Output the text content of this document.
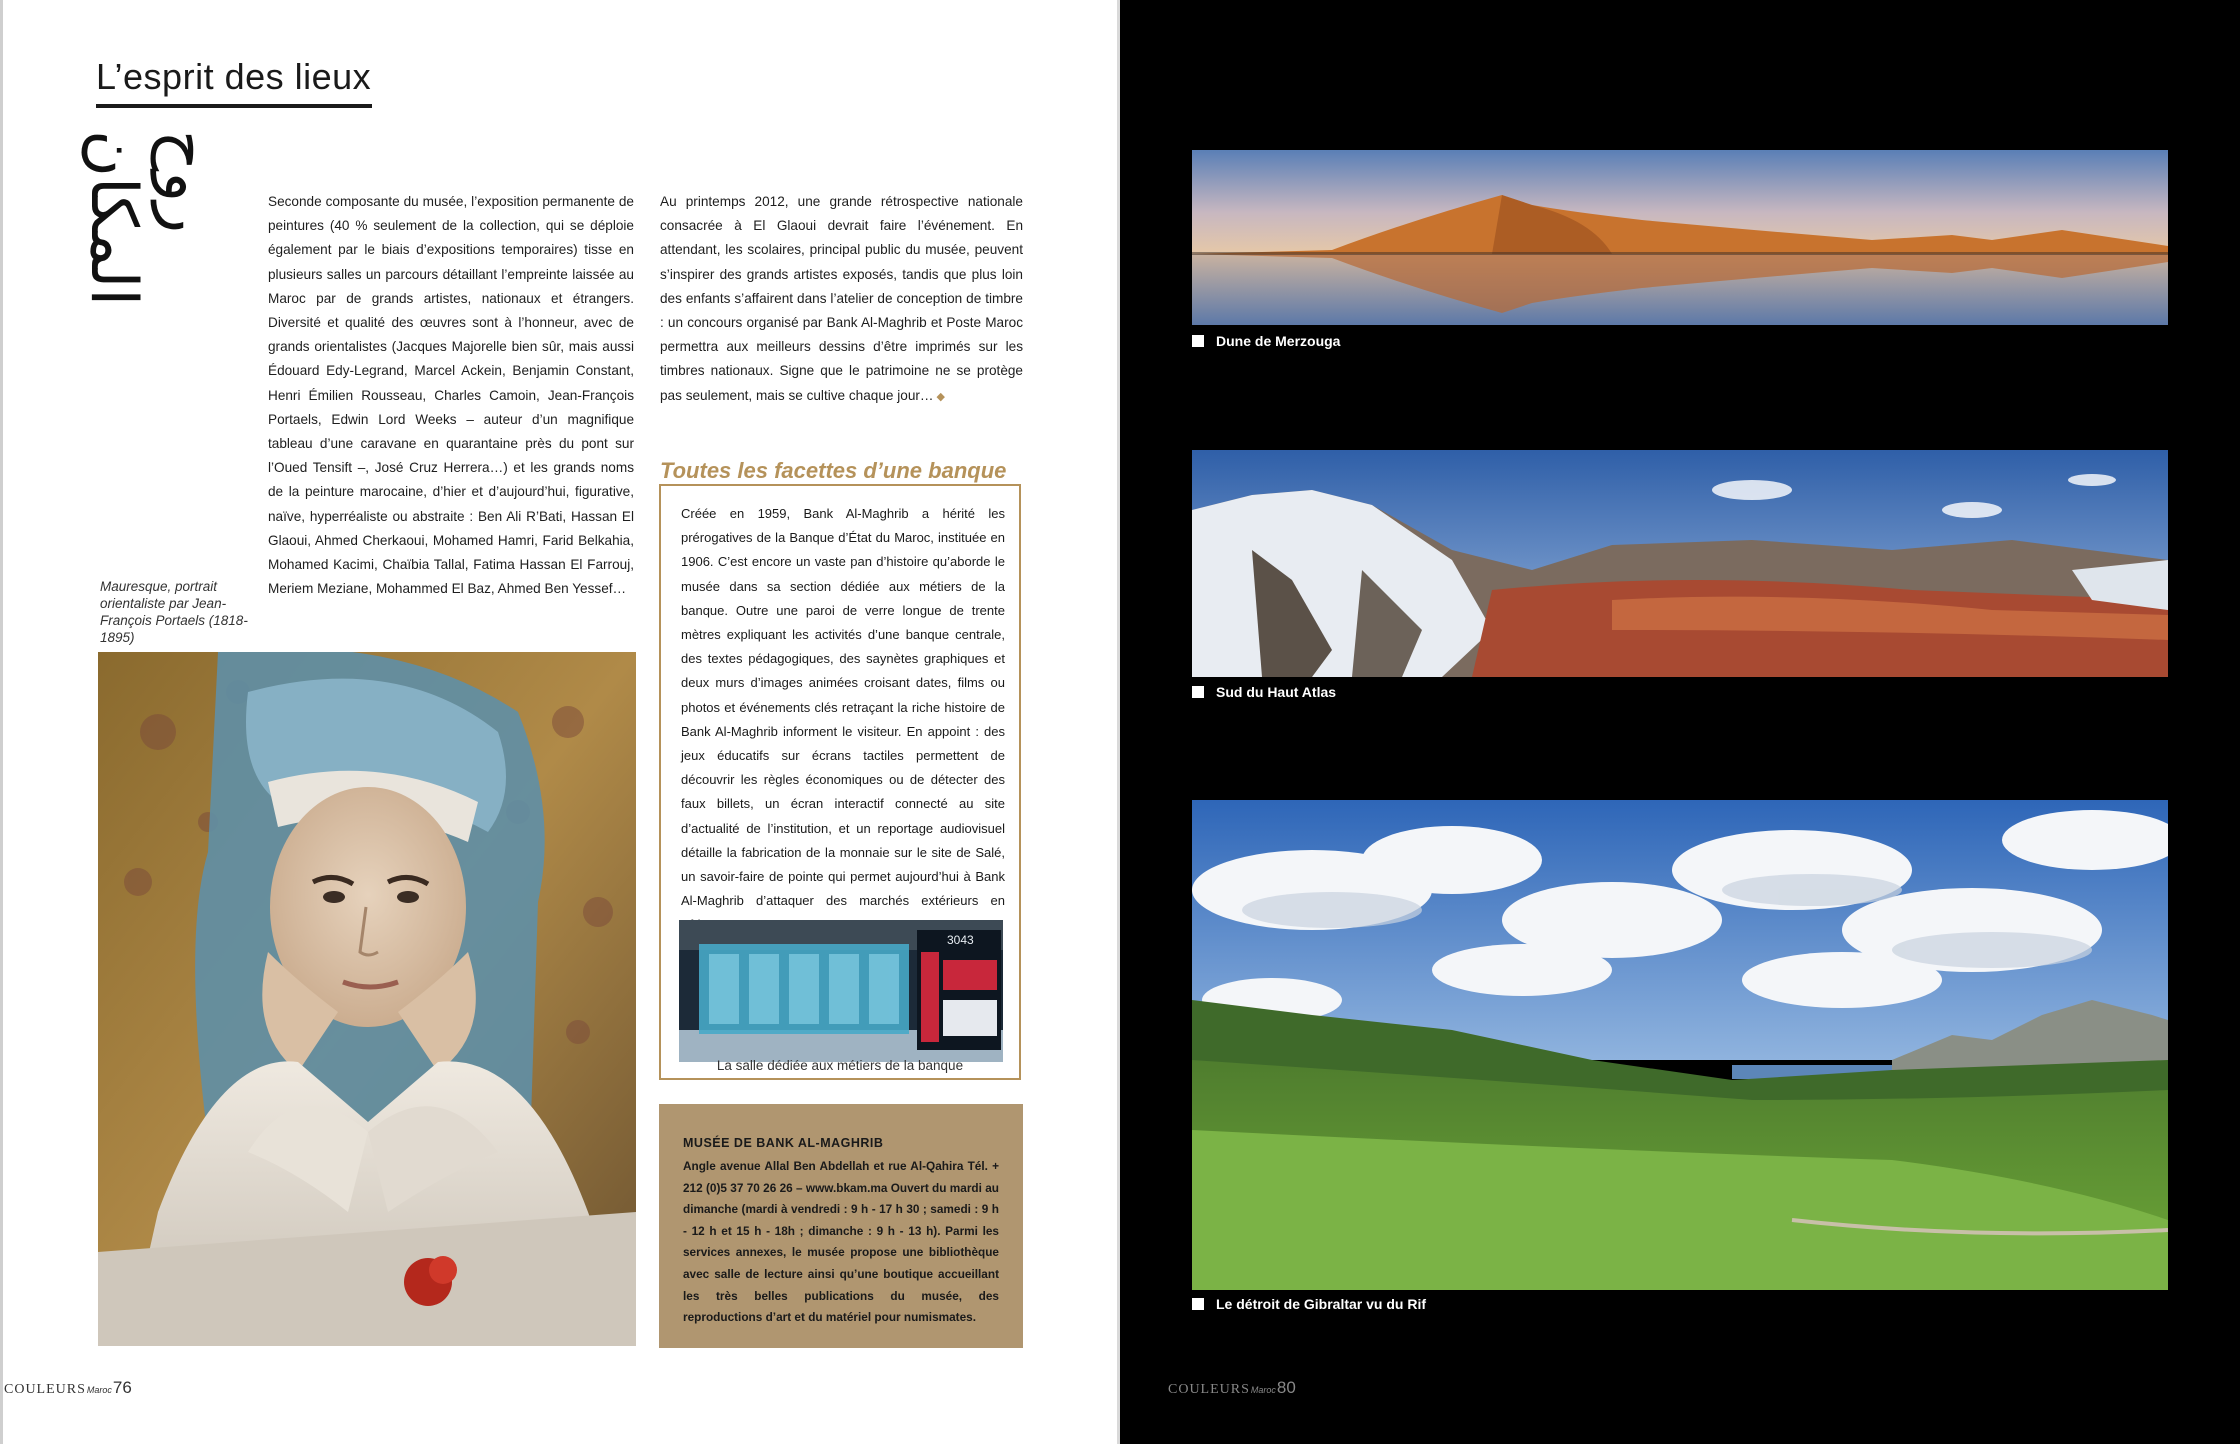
L’esprit des lieux
روح المكان	Seconde composante du musée, l’exposition permanente de peintures (40 % seulement de la collection, qui se déploie également par le biais d’expositions temporaires) tisse en plusieurs salles un parcours détaillant l’empreinte laissée au Maroc par de grands artistes, nationaux et étrangers. Diversité et qualité des œuvres sont à l’honneur, avec de grands orientalistes (Jacques Majorelle bien sûr, mais aussi Édouard Edy-Legrand, Marcel Ackein, Benjamin Constant, Henri Émilien Rousseau, Charles Camoin, Jean-François Portaels, Edwin Lord Weeks – auteur d’un magnifique tableau d’une caravane en quarantaine près du pont sur l’Oued Tensift –, José Cruz Herrera…) et les grands noms de la peinture marocaine, d’hier et d’aujourd’hui, figurative, naïve, hyperréaliste ou abstraite : Ben Ali R’Bati, Hassan El Glaoui, Ahmed Cherkaoui, Mohamed Hamri, Farid Belkahia, Mohamed Kacimi, Chaïbia Tallal, Fatima Hassan El Farrouj, Meriem Meziane, Mohammed El Baz, Ahmed Ben Yessef…
Au printemps 2012, une grande rétrospective nationale consacrée à El Glaoui devrait faire l’événement. En attendant, les scolaires, principal public du musée, peuvent s’inspirer des grands artistes exposés, tandis que plus loin des enfants s’affairent dans l’atelier de conception de timbre : un concours organisé par Bank Al-Maghrib et Poste Maroc permettra aux meilleurs dessins d’être imprimés sur les timbres nationaux. Signe que le patrimoine ne se protège pas seulement, mais se cultive chaque jour… ◆
Mauresque, portrait orientaliste par Jean-François Portaels (1818-1895)
Toutes les facettes d’une banque
Créée en 1959, Bank Al-Maghrib a hérité les prérogatives de la Banque d’État du Maroc, instituée en 1906. C’est encore un vaste pan d’histoire qu’aborde le musée dans sa section dédiée aux métiers de la banque. Outre une paroi de verre longue de trente mètres expliquant les activités d’une banque centrale, des textes pédagogiques, des saynètes graphiques et deux murs d’images animées croisant dates, films ou photos et événements clés retraçant la riche histoire de Bank Al-Maghrib informent le visiteur. En appoint : des jeux éducatifs sur écrans tactiles permettent de découvrir les règles économiques ou de détecter des faux billets, un écran interactif connecté au site d’actualité de l’institution, et un reportage audiovisuel détaille la fabrication de la monnaie sur le site de Salé, un savoir-faire de pointe qui permet aujourd’hui à Bank Al-Maghrib d’attaquer des marchés extérieurs en
3043
La salle dédiée aux métiers de la banque
MUSÉE DE BANK AL-MAGHRIB
Angle avenue Allal Ben Abdellah et rue Al-Qahira Tél. + 212 (0)5 37 70 26 26 – www.bkam.ma Ouvert du mardi au dimanche (mardi à vendredi : 9 h - 17 h 30 ; samedi : 9 h - 12 h et 15 h - 18h ; dimanche : 9 h - 13 h). Parmi les services annexes, le musée propose une bibliothèque avec salle de lecture ainsi qu’une boutique accueillant les très belles publications du musée, des reproductions d’art et du matériel pour numismates.
COULEURSMaroc76
Dune de Merzouga
Sud du Haut Atlas
Le détroit de Gibraltar vu du Rif
COULEURSMaroc80
